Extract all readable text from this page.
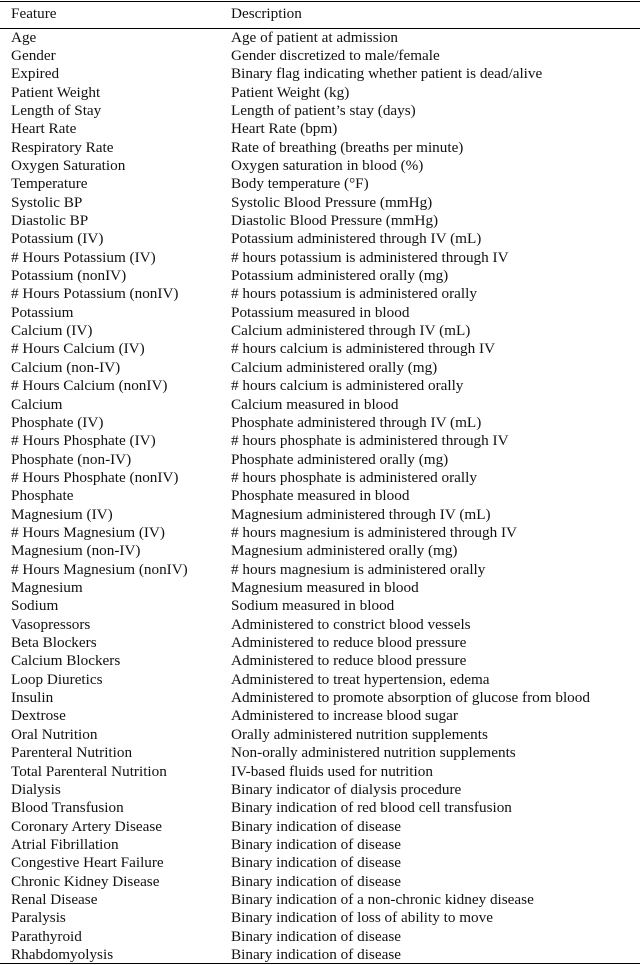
Feature	Description
Age	Age of patient at admission
Gender	Gender discretized to male/female
Expired	Binary flag indicating whether patient is dead/alive
Patient Weight	Patient Weight (kg)
Length of Stay	Length of patient’s stay (days)
Heart Rate	Heart Rate (bpm)
Respiratory Rate	Rate of breathing (breaths per minute)
Oxygen Saturation	Oxygen saturation in blood (%)
Temperature	Body temperature (°F)
Systolic BP	Systolic Blood Pressure (mmHg)
Diastolic BP	Diastolic Blood Pressure (mmHg)
Potassium (IV)	Potassium administered through IV (mL)
# Hours Potassium (IV)	# hours potassium is administered through IV
Potassium (nonIV)	Potassium administered orally (mg)
# Hours Potassium (nonIV)	# hours potassium is administered orally
Potassium	Potassium measured in blood
Calcium (IV)	Calcium administered through IV (mL)
# Hours Calcium (IV)	# hours calcium is administered through IV
Calcium (non-IV)	Calcium administered orally (mg)
# Hours Calcium (nonIV)	# hours calcium is administered orally
Calcium	Calcium measured in blood
Phosphate (IV)	Phosphate administered through IV (mL)
# Hours Phosphate (IV)	# hours phosphate is administered through IV
Phosphate (non-IV)	Phosphate administered orally (mg)
# Hours Phosphate (nonIV)	# hours phosphate is administered orally
Phosphate	Phosphate measured in blood
Magnesium (IV)	Magnesium administered through IV (mL)
# Hours Magnesium (IV)	# hours magnesium is administered through IV
Magnesium (non-IV)	Magnesium administered orally (mg)
# Hours Magnesium (nonIV)	# hours magnesium is administered orally
Magnesium	Magnesium measured in blood
Sodium	Sodium measured in blood
Vasopressors	Administered to constrict blood vessels
Beta Blockers	Administered to reduce blood pressure
Calcium Blockers	Administered to reduce blood pressure
Loop Diuretics	Administered to treat hypertension, edema
Insulin	Administered to promote absorption of glucose from blood
Dextrose	Administered to increase blood sugar
Oral Nutrition	Orally administered nutrition supplements
Parenteral Nutrition	Non-orally administered nutrition supplements
Total Parenteral Nutrition	IV-based fluids used for nutrition
Dialysis	Binary indicator of dialysis procedure
Blood Transfusion	Binary indication of red blood cell transfusion
Coronary Artery Disease	Binary indication of disease
Atrial Fibrillation	Binary indication of disease
Congestive Heart Failure	Binary indication of disease
Chronic Kidney Disease	Binary indication of disease
Renal Disease	Binary indication of a non-chronic kidney disease
Paralysis	Binary indication of loss of ability to move
Parathyroid	Binary indication of disease
Rhabdomyolysis	Binary indication of disease
